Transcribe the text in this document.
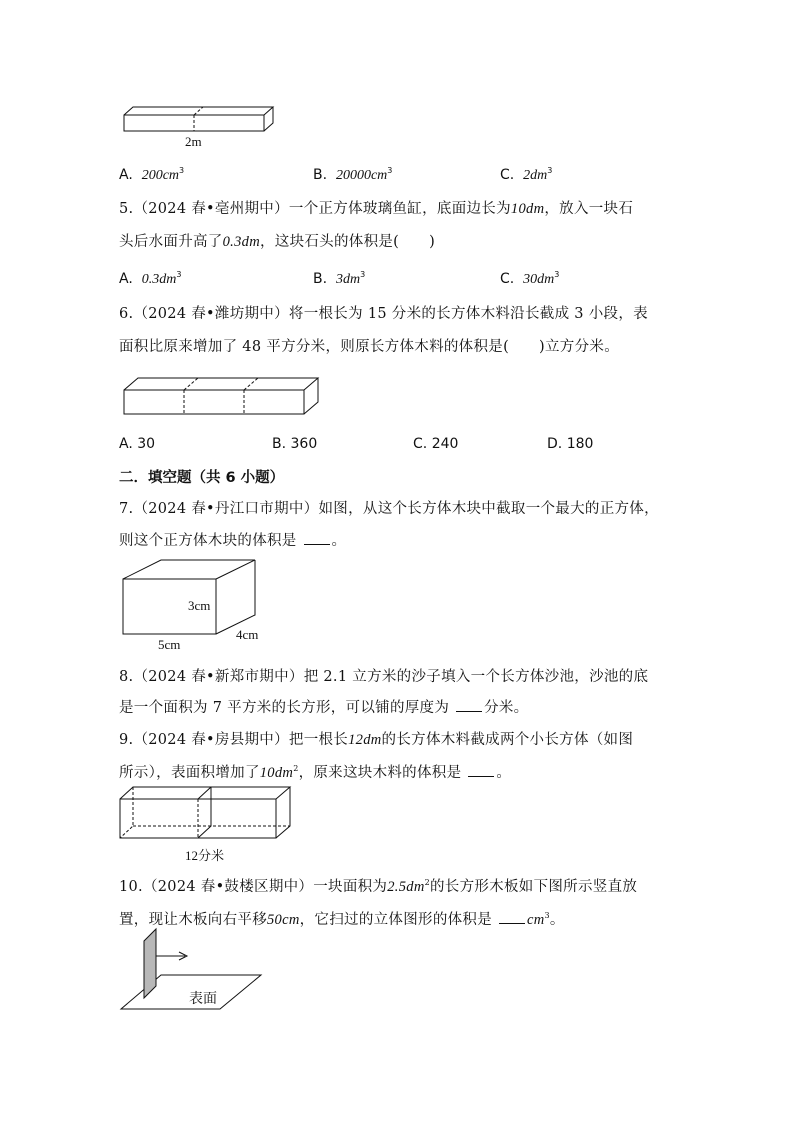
2m
A. $200cm^3$	B. $20000cm^3$	C. $2dm^3$
5.（2024 春•亳州期中）一个正方体玻璃鱼缸，底面边长为10dm，放入一块石
头后水面升高了0.3dm，这块石头的体积是( )
A. $0.3dm^3$	B. $3dm^3$	C. $30dm^3$
6.（2024 春•潍坊期中）将一根长为 15 分米的长方体木料沿长截成 3 小段，表
面积比原来增加了 48 平方分米，则原长方体木料的体积是( )立方分米。
A. 30	B. 360	C. 240	D. 180
二．填空题（共 6 小题）
7.（2024 春•丹江口市期中）如图，从这个长方体木块中截取一个最大的正方体，
则这个正方体木块的体积是 。
3cm
5cm
4cm
8.（2024 春•新郑市期中）把 2.1 立方米的沙子填入一个长方体沙池，沙池的底
是一个面积为 7 平方米的长方形，可以铺的厚度为 分米。
9.（2024 春•房县期中）把一根长12dm的长方体木料截成两个小长方体（如图
所示），表面积增加了$10dm^2$，原来这块木料的体积是 。
12分米
10.（2024 春•鼓楼区期中）一块面积为$2.5dm^2$的长方形木板如下图所示竖直放
置，现让木板向右平移50cm，它扫过的立体图形的体积是 $cm^3$。
表面
